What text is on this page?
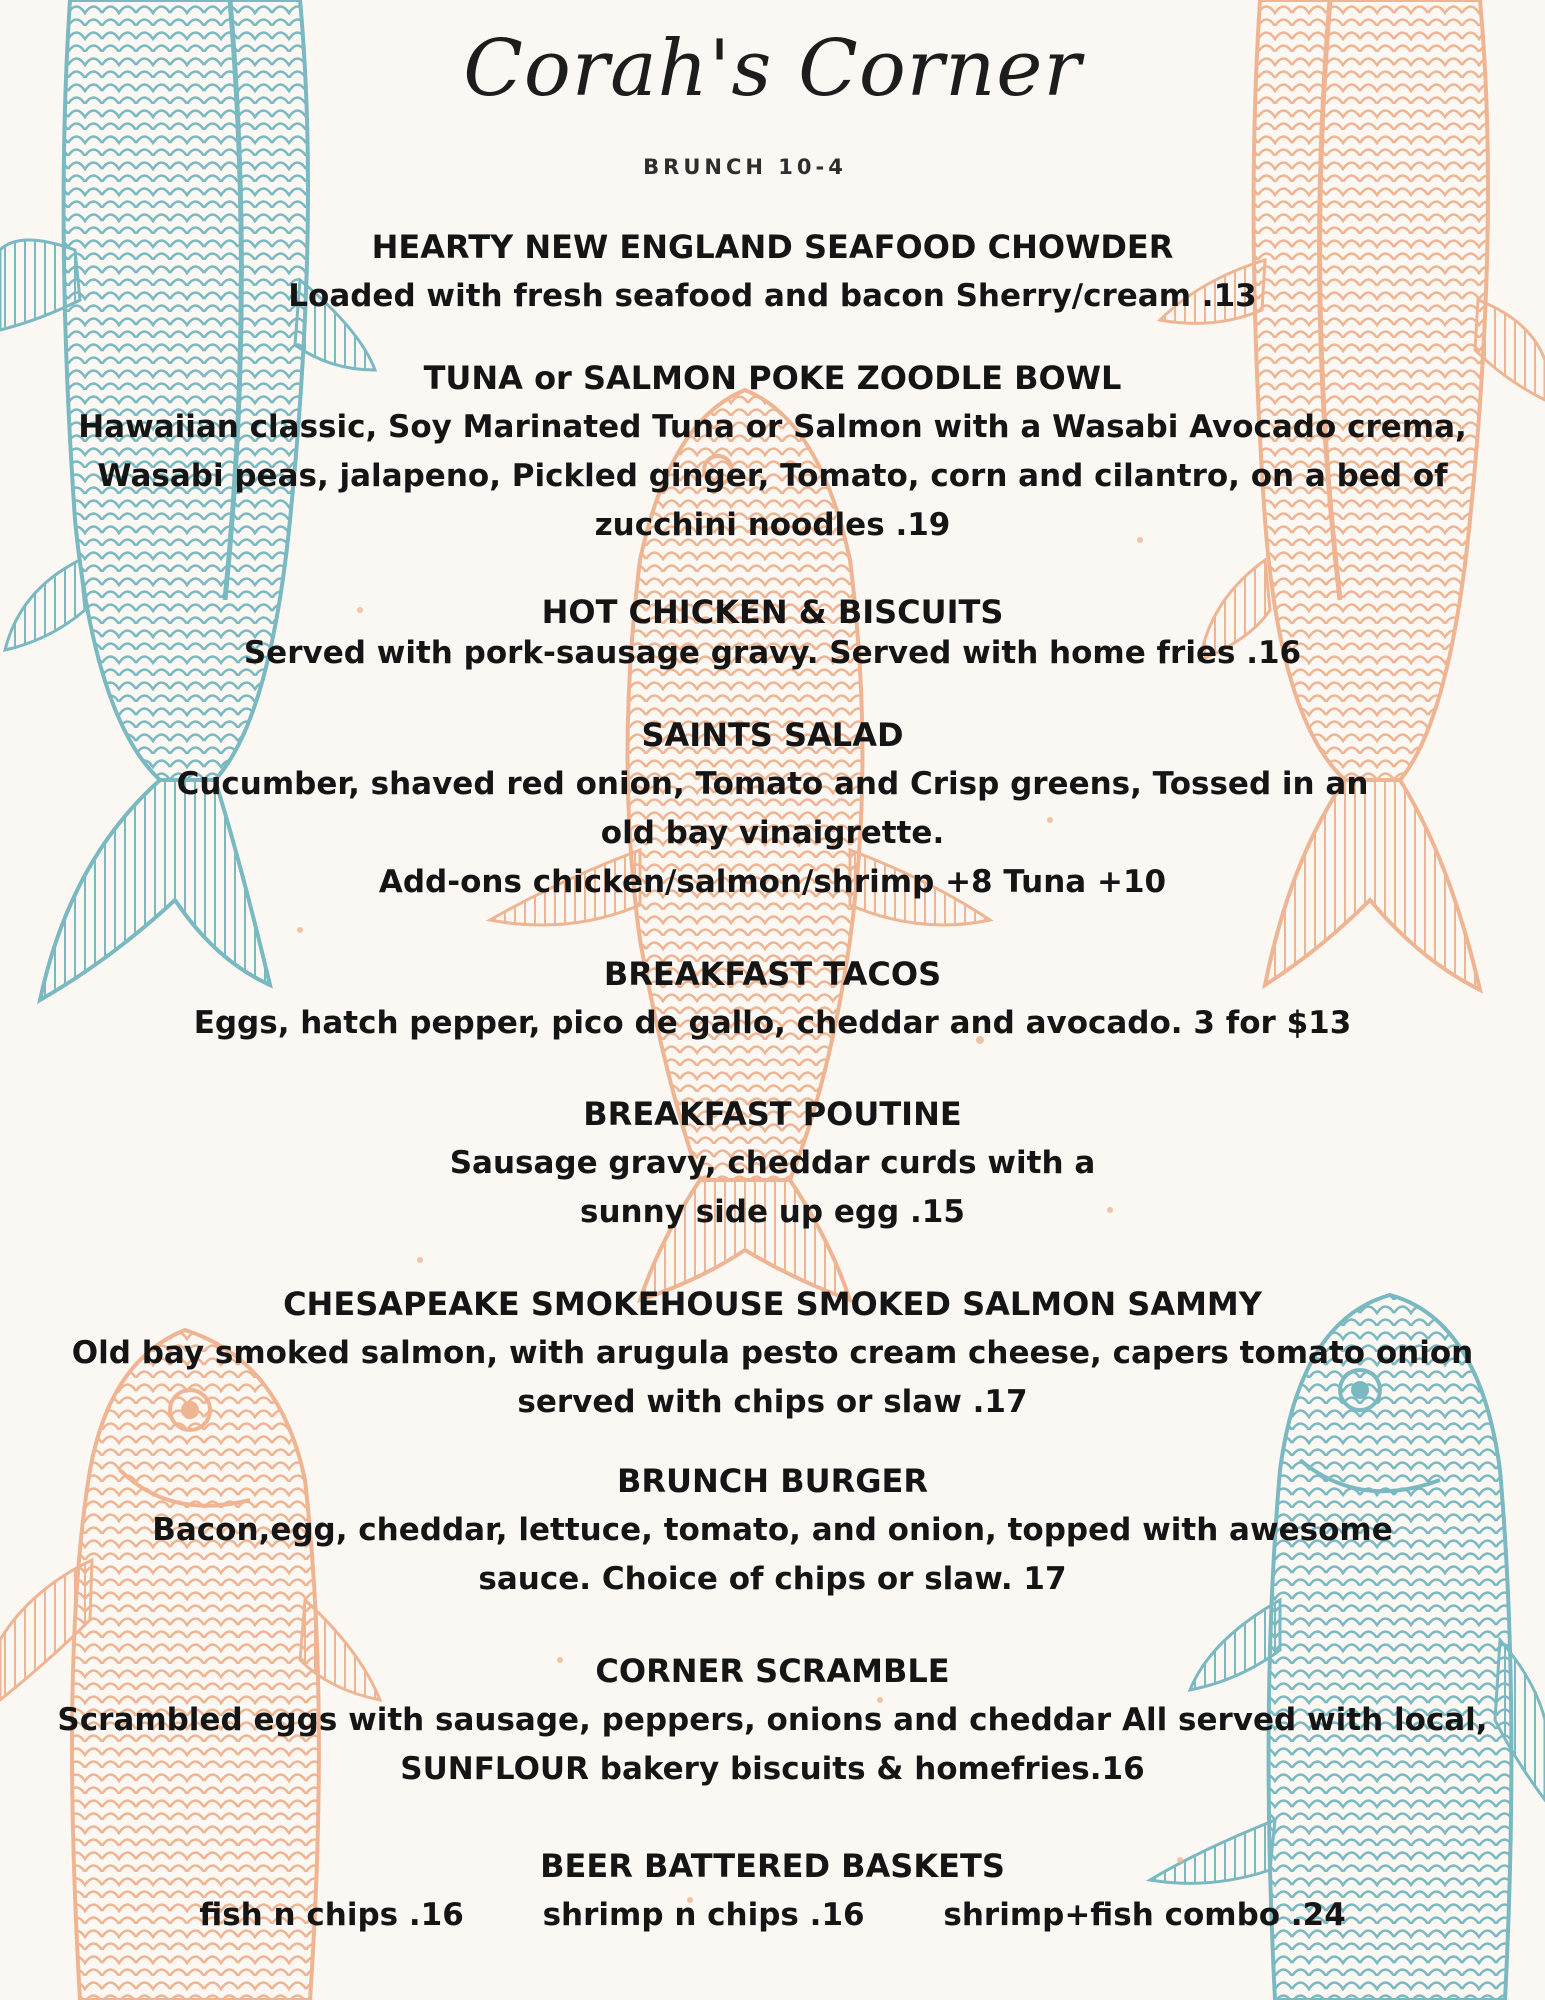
Corah's Corner
BRUNCH 10-4
HEARTY NEW ENGLAND SEAFOOD CHOWDER
Loaded with fresh seafood and bacon Sherry/cream .13
TUNA or SALMON POKE ZOODLE BOWL
Hawaiian classic, Soy Marinated Tuna or Salmon with a Wasabi Avocado crema,
Wasabi peas, jalapeno, Pickled ginger, Tomato, corn and cilantro, on a bed of
zucchini noodles .19
HOT CHICKEN & BISCUITS
Served with pork-sausage gravy. Served with home fries .16
SAINTS SALAD
Cucumber, shaved red onion, Tomato and Crisp greens, Tossed in an
old bay vinaigrette.
Add-ons chicken/salmon/shrimp +8 Tuna +10
BREAKFAST TACOS
Eggs, hatch pepper, pico de gallo, cheddar and avocado. 3 for $13
BREAKFAST POUTINE
Sausage gravy, cheddar curds with a
sunny side up egg .15
CHESAPEAKE SMOKEHOUSE SMOKED SALMON SAMMY
Old bay smoked salmon, with arugula pesto cream cheese, capers tomato onion
served with chips or slaw .17
BRUNCH BURGER
Bacon,egg, cheddar, lettuce, tomato, and onion, topped with awesome
sauce. Choice of chips or slaw. 17
CORNER SCRAMBLE
Scrambled eggs with sausage, peppers, onions and cheddar All served with local,
SUNFLOUR bakery biscuits & homefries.16
BEER BATTERED BASKETS
fish n chips .16	shrimp n chips .16	shrimp+fish combo .24
